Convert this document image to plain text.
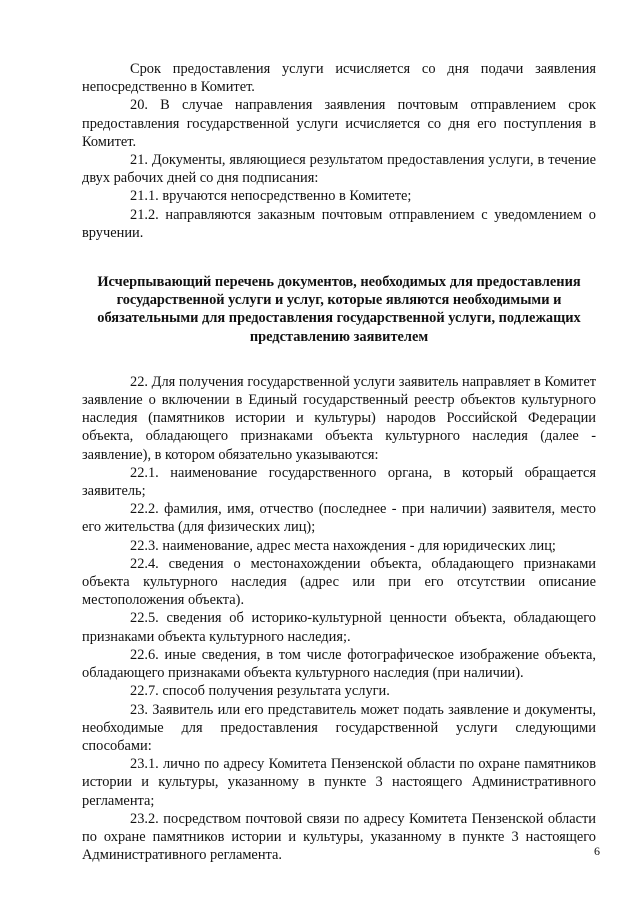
Срок предоставления услуги исчисляется со дня подачи заявления непосредственно в Комитет.

20. В случае направления заявления почтовым отправлением срок предоставления государственной услуги исчисляется со дня его поступления в Комитет.

21. Документы, являющиеся результатом предоставления услуги, в течение двух рабочих дней со дня подписания:

21.1. вручаются непосредственно в Комитете;

21.2. направляются заказным почтовым отправлением с уведомлением о вручении.

Исчерпывающий перечень документов, необходимых для предоставления государственной услуги и услуг, которые являются необходимыми и обязательными для предоставления государственной услуги, подлежащих представлению заявителем

22. Для получения государственной услуги заявитель направляет в Комитет заявление о включении в Единый государственный реестр объектов культурного наследия (памятников истории и культуры) народов Российской Федерации объекта, обладающего признаками объекта культурного наследия (далее - заявление), в котором обязательно указываются:

22.1. наименование государственного органа, в который обращается заявитель;

22.2. фамилия, имя, отчество (последнее - при наличии) заявителя, место его жительства (для физических лиц);

22.3. наименование, адрес места нахождения - для юридических лиц;

22.4. сведения о местонахождении объекта, обладающего признаками объекта культурного наследия (адрес или при его отсутствии описание местоположения объекта).

22.5. сведения об историко-культурной ценности объекта, обладающего признаками объекта культурного наследия;.

22.6. иные сведения, в том числе фотографическое изображение объекта, обладающего признаками объекта культурного наследия (при наличии).

22.7. способ получения результата услуги.

23. Заявитель или его представитель может подать заявление и документы, необходимые для предоставления государственной услуги следующими способами:

23.1. лично по адресу Комитета Пензенской области по охране памятников истории и культуры, указанному в пункте 3 настоящего Административного регламента;

23.2. посредством почтовой связи по адресу Комитета Пензенской области по охране памятников истории и культуры, указанному в пункте 3 настоящего Административного регламента.	6
